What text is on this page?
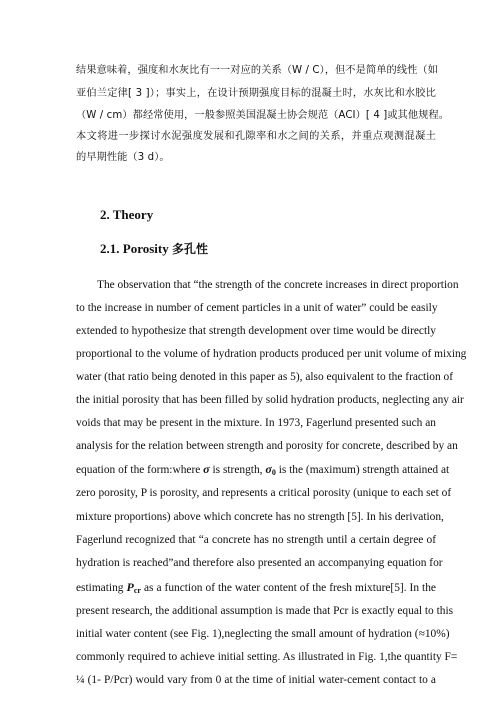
结果意味着，强度和水灰比有一一对应的关系（W / C），但不是简单的线性（如
亚伯兰定律[ 3 ]）；事实上，在设计预期强度目标的混凝土时，水灰比和水胶比
（W / cm）都经常使用，一般参照美国混凝土协会规范（ACI）[ 4 ]或其他规程。
本文将进一步探讨水泥强度发展和孔隙率和水之间的关系，并重点观测混凝土
的早期性能（3 d）。
2. Theory
2.1. Porosity 多孔性
The observation that “the strength of the concrete increases in direct proportion
to the increase in number of cement particles in a unit of water” could be easily
extended to hypothesize that strength development over time would be directly
proportional to the volume of hydration products produced per unit volume of mixing
water (that ratio being denoted in this paper as 5), also equivalent to the fraction of
the initial porosity that has been filled by solid hydration products, neglecting any air
voids that may be present in the mixture. In 1973, Fagerlund presented such an
analysis for the relation between strength and porosity for concrete, described by an
equation of the form:where σ is strength, $\sigma_0$ is the (maximum) strength attained at
zero porosity, P is porosity, and represents a critical porosity (unique to each set of
mixture proportions) above which concrete has no strength [5]. In his derivation,
Fagerlund recognized that “a concrete has no strength until a certain degree of
hydration is reached”and therefore also presented an accompanying equation for
estimating $P_{cr}$ as a function of the water content of the fresh mixture[5]. In the
present research, the additional assumption is made that Pcr is exactly equal to this
initial water content (see Fig. 1),neglecting the small amount of hydration (≈10%)
commonly required to achieve initial setting. As illustrated in Fig. 1,the quantity F=
¼ (1- P/Pcr) would vary from 0 at the time of initial water-cement contact to a
